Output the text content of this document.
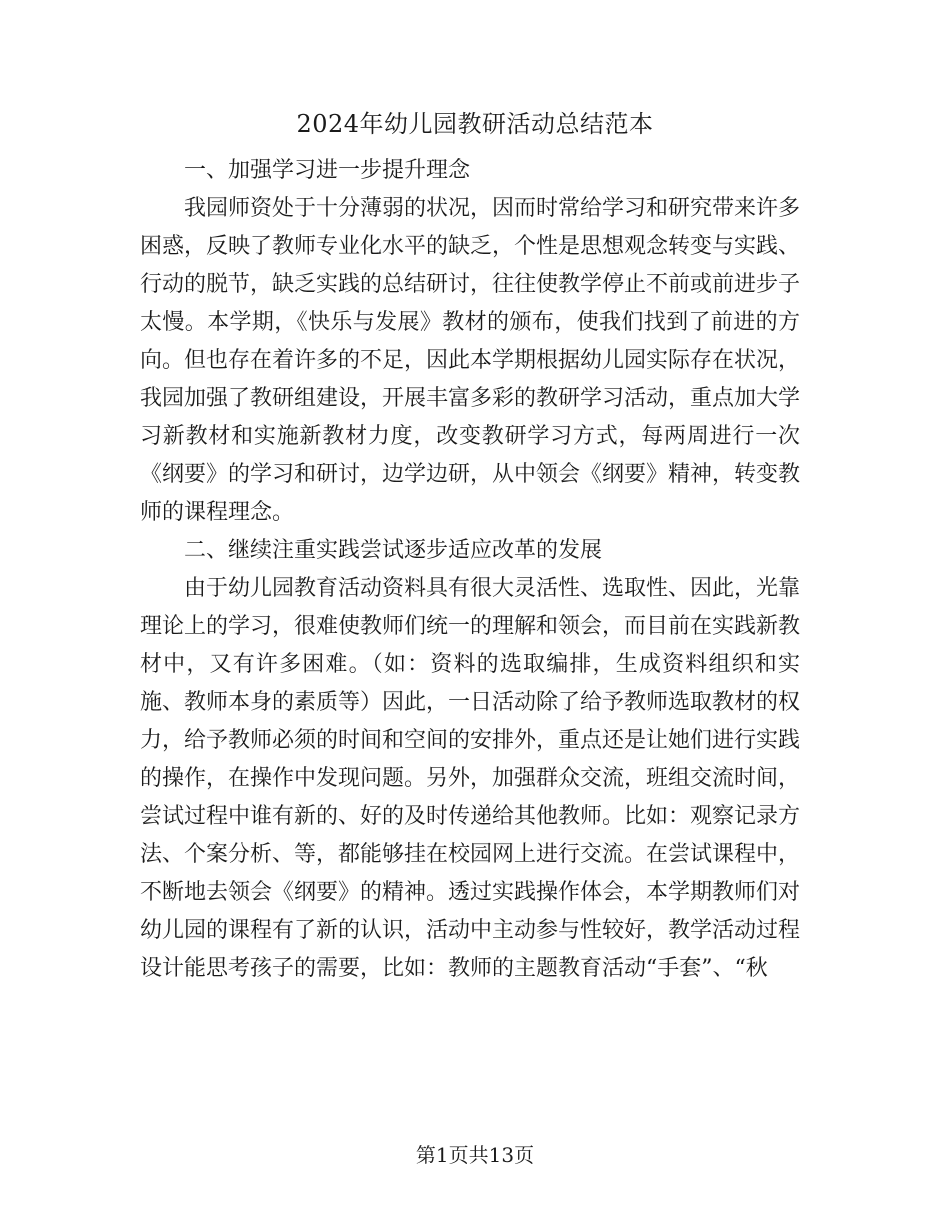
2024年幼儿园教研活动总结范本

一、加强学习进一步提升理念

我园师资处于十分薄弱的状况，因而时常给学习和研究带来许多困惑，反映了教师专业化水平的缺乏，个性是思想观念转变与实践、行动的脱节，缺乏实践的总结研讨，往往使教学停止不前或前进步子太慢。本学期，《快乐与发展》教材的颁布，使我们找到了前进的方向。但也存在着许多的不足，因此本学期根据幼儿园实际存在状况，我园加强了教研组建设，开展丰富多彩的教研学习活动，重点加大学习新教材和实施新教材力度，改变教研学习方式，每两周进行一次《纲要》的学习和研讨，边学边研，从中领会《纲要》精神，转变教师的课程理念。

二、继续注重实践尝试逐步适应改革的发展

由于幼儿园教育活动资料具有很大灵活性、选取性、因此，光靠理论上的学习，很难使教师们统一的理解和领会，而目前在实践新教材中，又有许多困难。（如：资料的选取编排，生成资料组织和实施、教师本身的素质等）因此，一日活动除了给予教师选取教材的权力，给予教师必须的时间和空间的安排外，重点还是让她们进行实践的操作，在操作中发现问题。另外，加强群众交流，班组交流时间，尝试过程中谁有新的、好的及时传递给其他教师。比如：观察记录方法、个案分析、等，都能够挂在校园网上进行交流。在尝试课程中，不断地去领会《纲要》的精神。透过实践操作体会，本学期教师们对幼儿园的课程有了新的认识，活动中主动参与性较好，教学活动过程设计能思考孩子的需要，比如：教师的主题教育活动“手套”、“秋

第1页共13页
